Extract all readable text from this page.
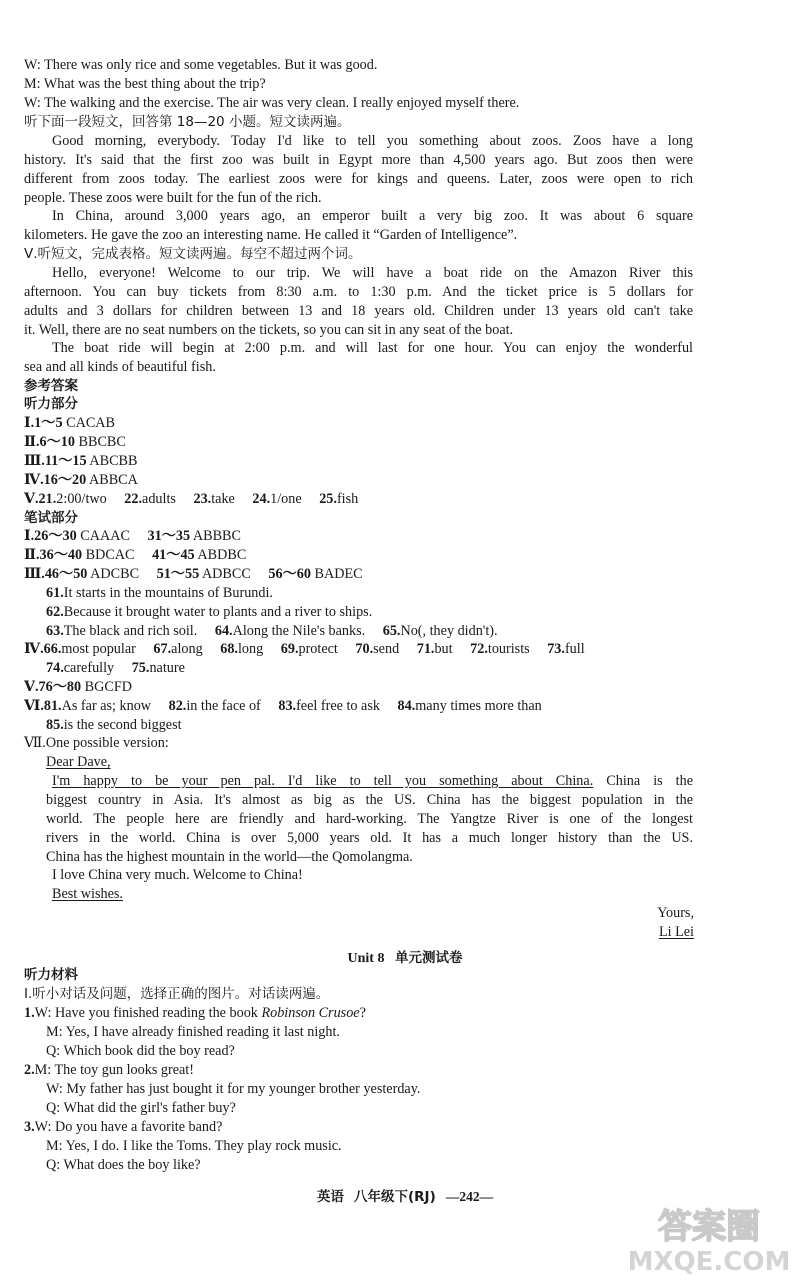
W: There was only rice and some vegetables. But it was good.
M: What was the best thing about the trip?
W: The walking and the exercise. The air was very clean. I really enjoyed myself there.
听下面一段短文，回答第 18—20 小题。短文读两遍。
Good morning, everybody. Today I'd like to tell you something about zoos. Zoos have a long
history. It's said that the first zoo was built in Egypt more than 4,500 years ago. But zoos then were
different from zoos today. The earliest zoos were for kings and queens. Later, zoos were open to rich
people. These zoos were built for the fun of the rich.
In China, around 3,000 years ago, an emperor built a very big zoo. It was about 6 square
kilometers. He gave the zoo an interesting name. He called it “Garden of Intelligence”.
Ⅴ.听短文，完成表格。短文读两遍。每空不超过两个词。
Hello, everyone! Welcome to our trip. We will have a boat ride on the Amazon River this
afternoon. You can buy tickets from 8:30 a.m. to 1:30 p.m. And the ticket price is 5 dollars for
adults and 3 dollars for children between 13 and 18 years old. Children under 13 years old can't take
it. Well, there are no seat numbers on the tickets, so you can sit in any seat of the boat.
The boat ride will begin at 2:00 p.m. and will last for one hour. You can enjoy the wonderful
sea and all kinds of beautiful fish.
参考答案
听力部分
Ⅰ.1～5 CACAB
Ⅱ.6～10 BBCBC
Ⅲ.11～15 ABCBB
Ⅳ.16～20 ABBCA
Ⅴ.21.2:00/two 22.adults 23.take 24.1/one 25.fish
笔试部分
Ⅰ.26～30 CAAAC 31～35 ABBBC
Ⅱ.36～40 BDCAC 41～45 ABDBC
Ⅲ.46～50 ADCBC 51～55 ADBCC 56～60 BADEC
61.It starts in the mountains of Burundi.
62.Because it brought water to plants and a river to ships.
63.The black and rich soil. 64.Along the Nile's banks. 65.No(, they didn't).
Ⅳ.66.most popular 67.along 68.long 69.protect 70.send 71.but 72.tourists 73.full
74.carefully 75.nature
Ⅴ.76～80 BGCFD
Ⅵ.81.As far as; know 82.in the face of 83.feel free to ask 84.many times more than
85.is the second biggest
Ⅶ.One possible version:
Dear Dave,
I'm happy to be your pen pal. I'd like to tell you something about China. China is the
biggest country in Asia. It's almost as big as the US. China has the biggest population in the
world. The people here are friendly and hard-working. The Yangtze River is one of the longest
rivers in the world. China is over 5,000 years old. It has a much longer history than the US.
China has the highest mountain in the world—the Qomolangma.
I love China very much. Welcome to China!
Best wishes.
Yours,
Li Lei
Unit 8 单元测试卷
听力材料
Ⅰ.听小对话及问题，选择正确的图片。对话读两遍。
1.W: Have you finished reading the book Robinson Crusoe?
M: Yes, I have already finished reading it last night.
Q: Which book did the boy read?
2.M: The toy gun looks great!
W: My father has just bought it for my younger brother yesterday.
Q: What did the girl's father buy?
3.W: Do you have a favorite band?
M: Yes, I do. I like the Toms. They play rock music.
Q: What does the boy like?
英语 八年级下(RJ) —242—
答案圈
MXQE.COM
